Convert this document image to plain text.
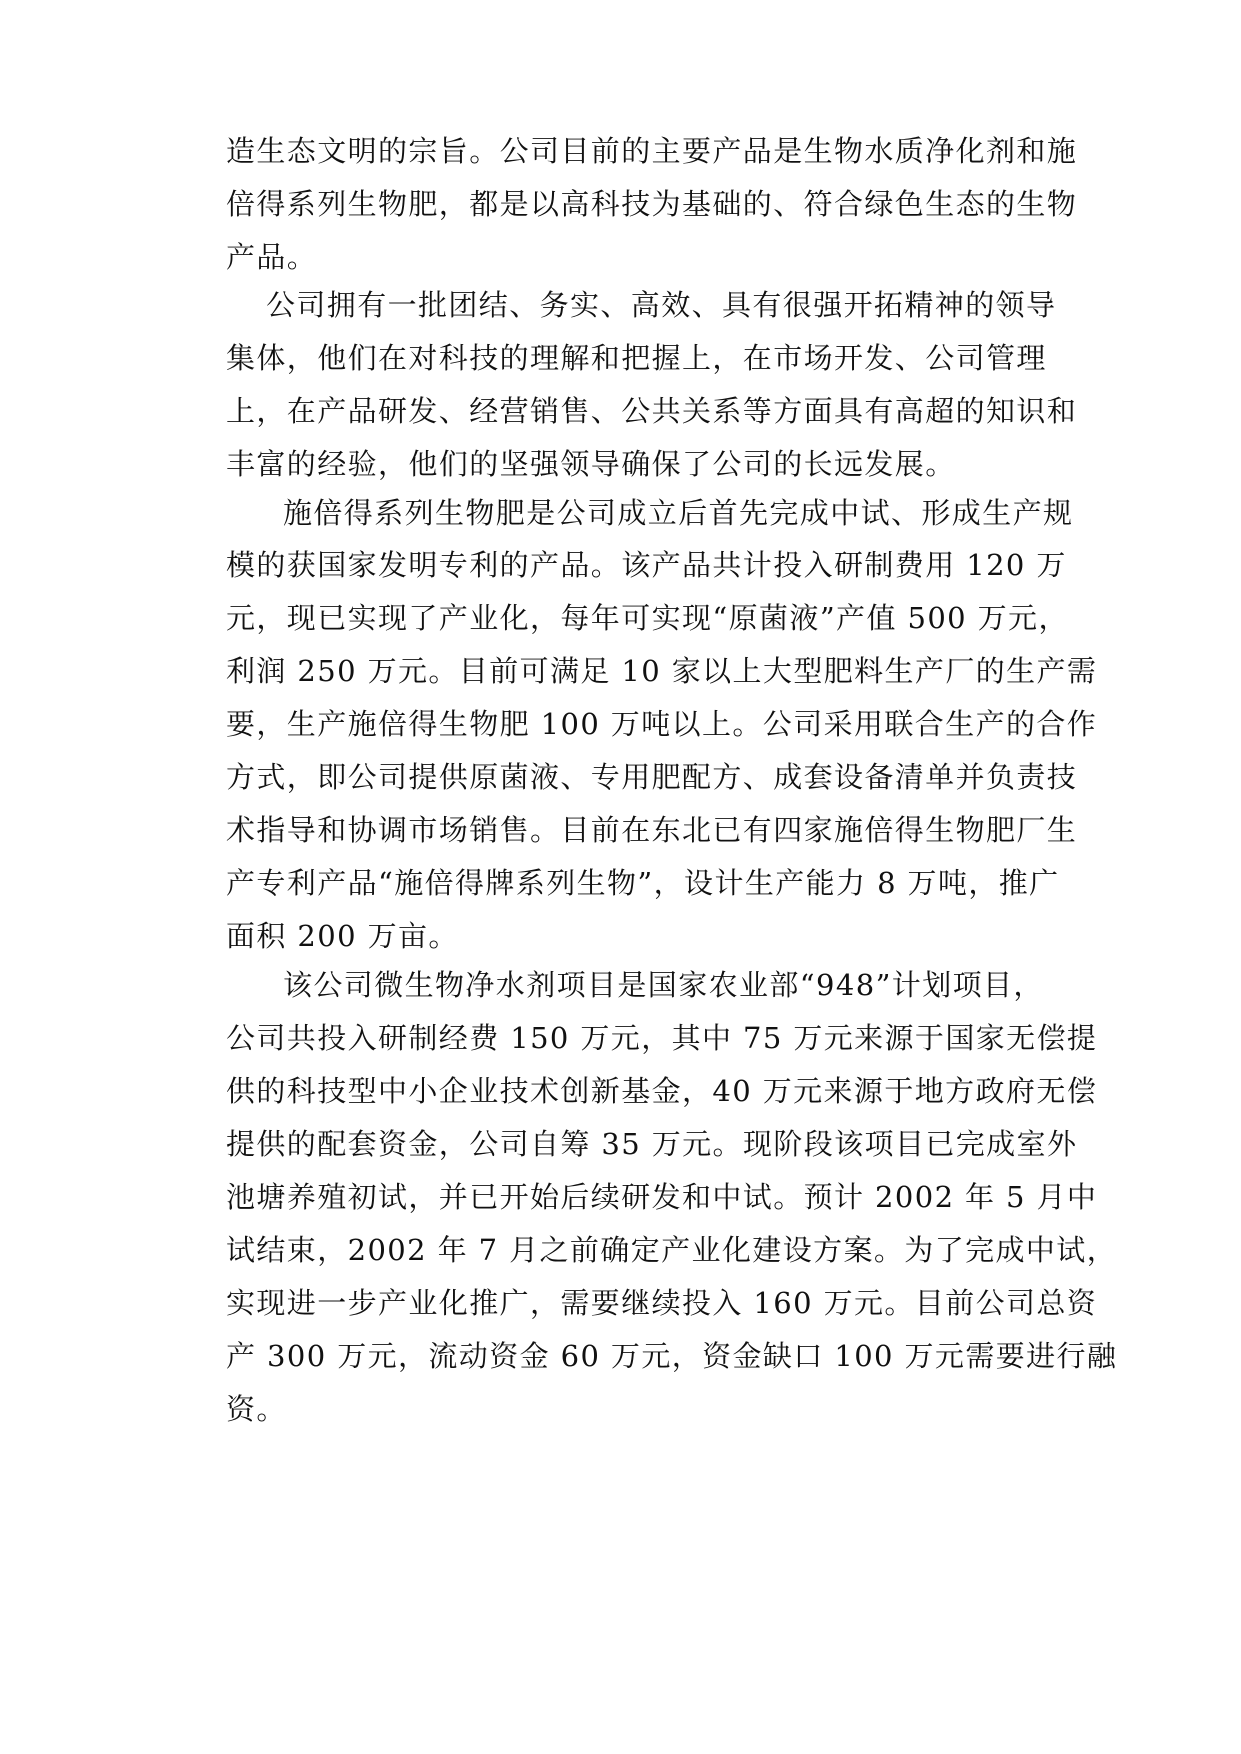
造生态文明的宗旨。公司目前的主要产品是生物水质净化剂和施
倍得系列生物肥，都是以高科技为基础的、符合绿色生态的生物
产品。
公司拥有一批团结、务实、高效、具有很强开拓精神的领导
集体，他们在对科技的理解和把握上，在市场开发、公司管理
上，在产品研发、经营销售、公共关系等方面具有高超的知识和
丰富的经验，他们的坚强领导确保了公司的长远发展。
施倍得系列生物肥是公司成立后首先完成中试、形成生产规
模的获国家发明专利的产品。该产品共计投入研制费用 120 万
元，现已实现了产业化，每年可实现“原菌液”产值 500 万元，
利润 250 万元。目前可满足 10 家以上大型肥料生产厂的生产需
要，生产施倍得生物肥 100 万吨以上。公司采用联合生产的合作
方式，即公司提供原菌液、专用肥配方、成套设备清单并负责技
术指导和协调市场销售。目前在东北已有四家施倍得生物肥厂生
产专利产品“施倍得牌系列生物”，设计生产能力 8 万吨，推广
面积 200 万亩。
该公司微生物净水剂项目是国家农业部“948”计划项目，
公司共投入研制经费 150 万元，其中 75 万元来源于国家无偿提
供的科技型中小企业技术创新基金，40 万元来源于地方政府无偿
提供的配套资金，公司自筹 35 万元。现阶段该项目已完成室外
池塘养殖初试，并已开始后续研发和中试。预计 2002 年 5 月中
试结束，2002 年 7 月之前确定产业化建设方案。为了完成中试，
实现进一步产业化推广，需要继续投入 160 万元。目前公司总资
产 300 万元，流动资金 60 万元，资金缺口 100 万元需要进行融
资。
